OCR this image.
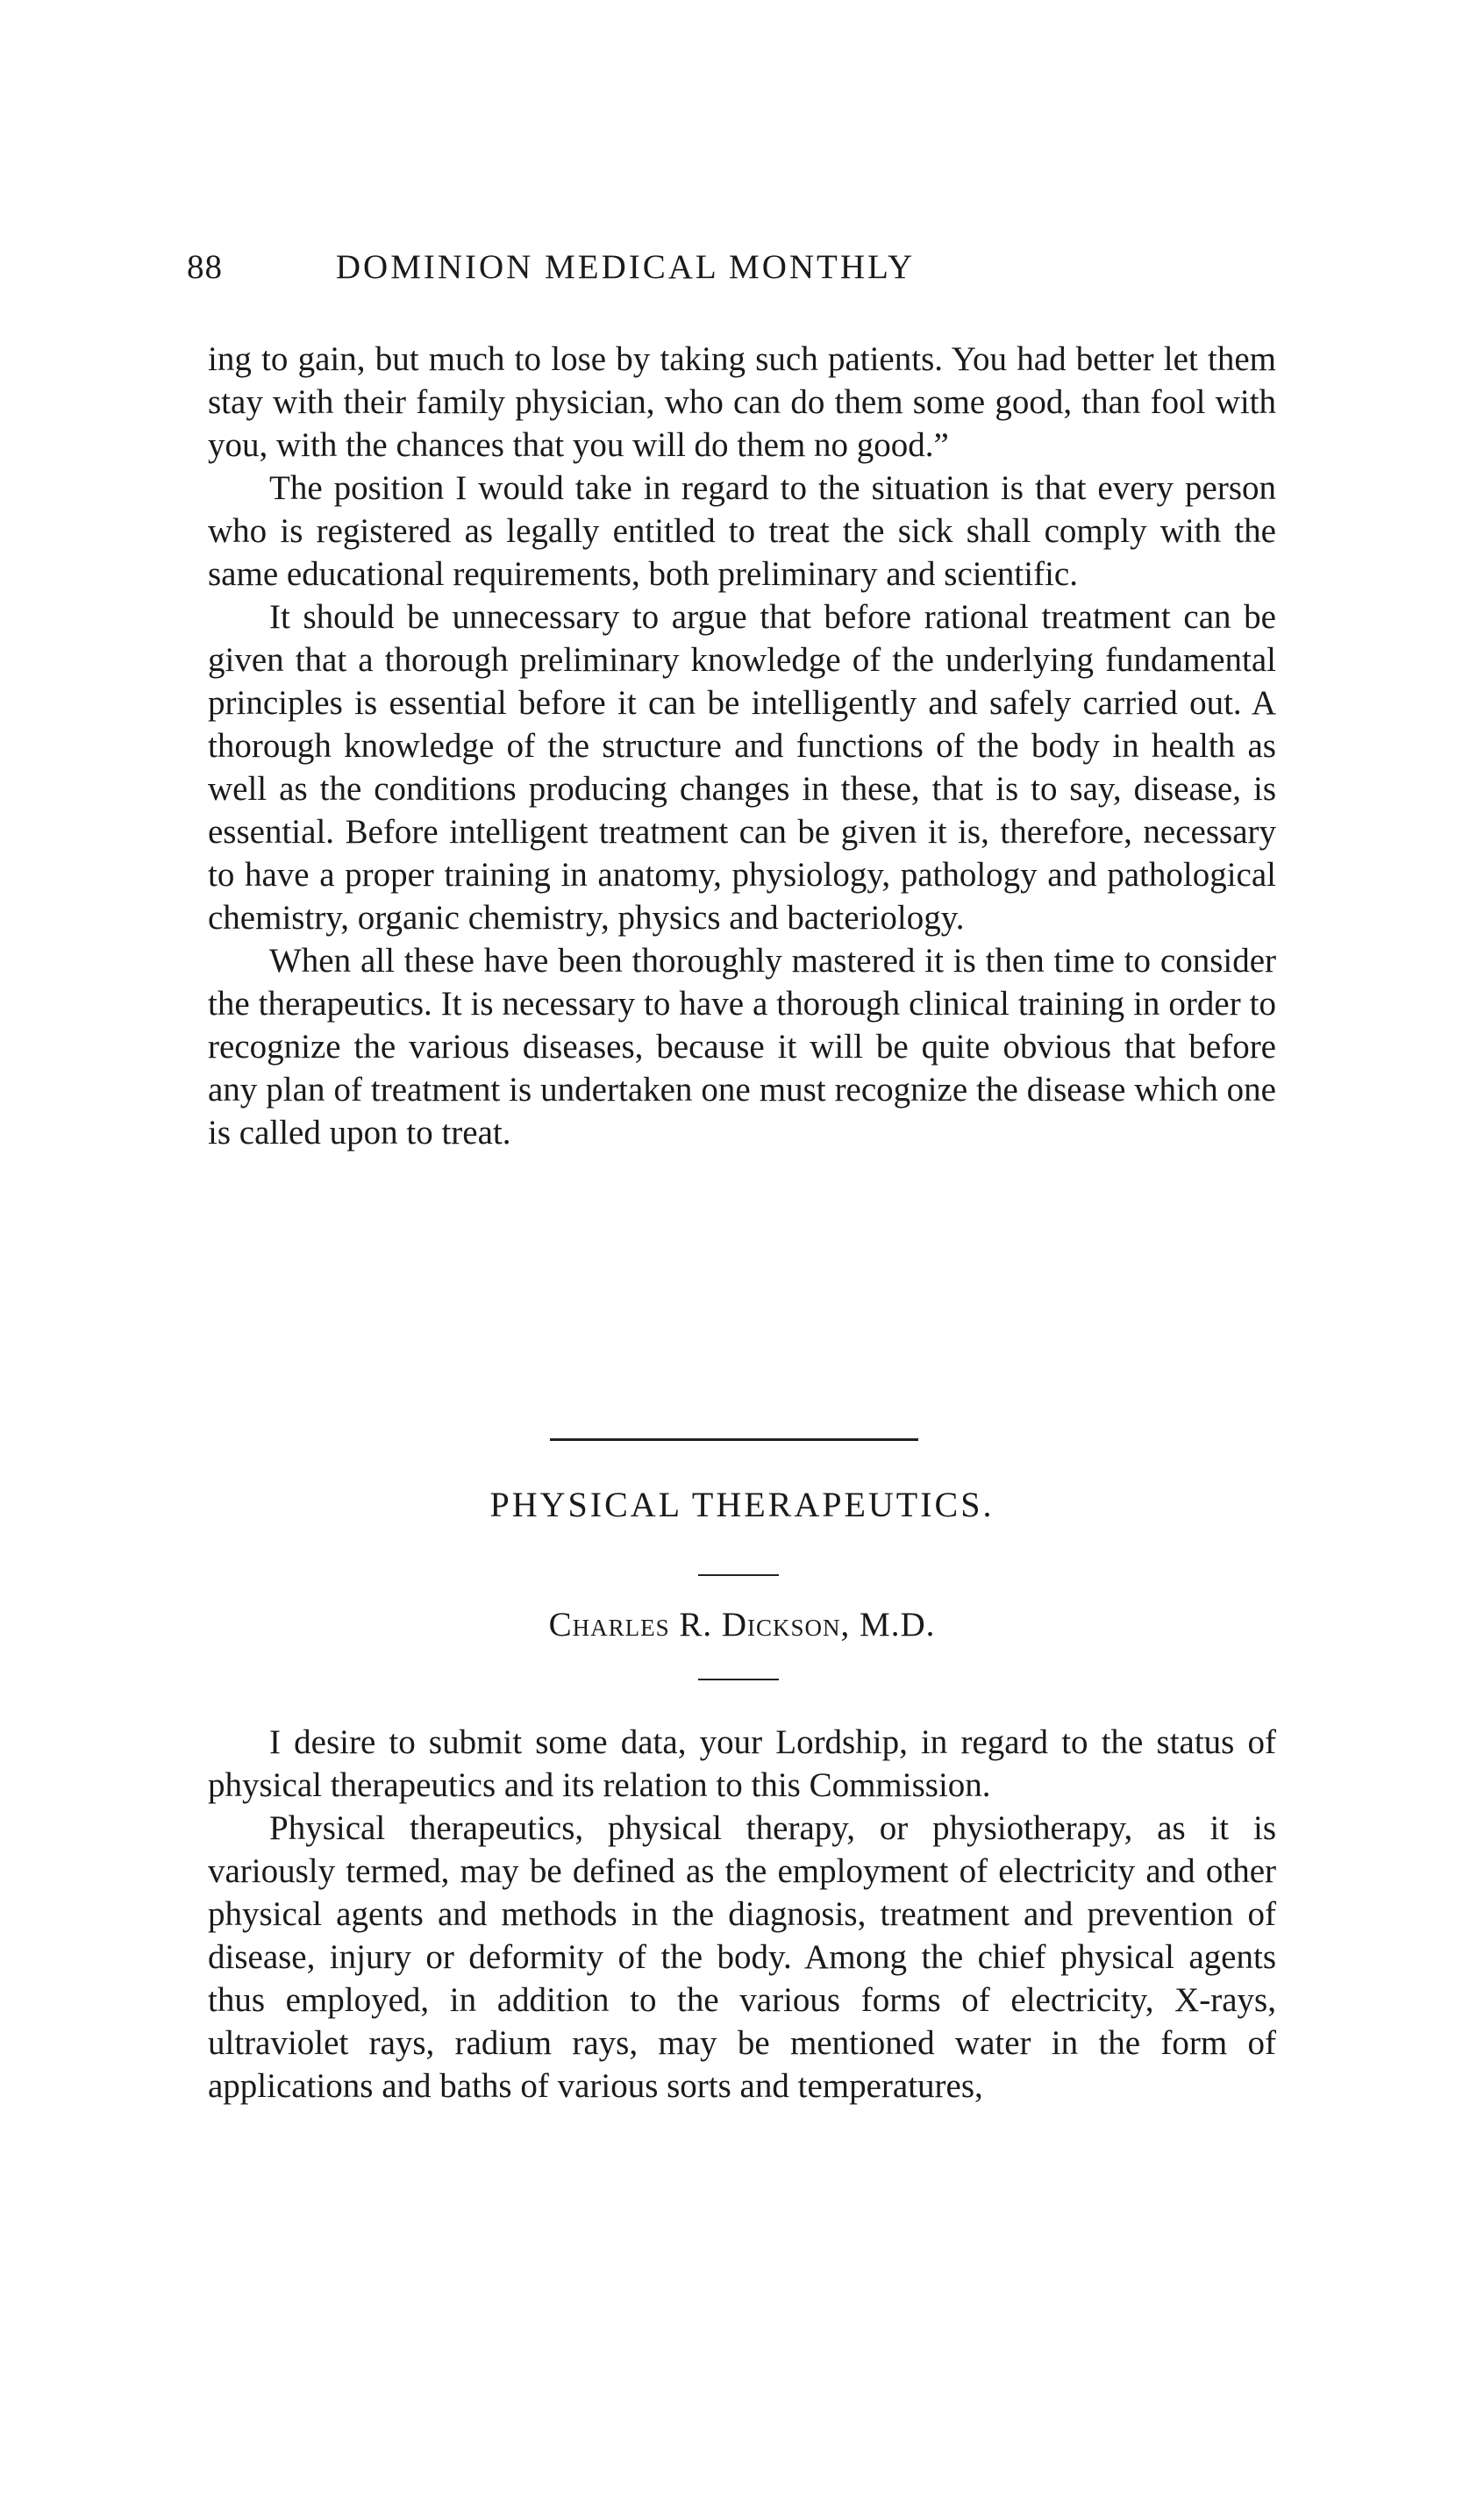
88	DOMINION MEDICAL MONTHLY

ing to gain, but much to lose by taking such patients. You had better let them stay with their family physician, who can do them some good, than fool with you, with the chances that you will do them no good.”

The position I would take in regard to the situation is that every person who is registered as legally entitled to treat the sick shall comply with the same educational requirements, both preliminary and scientific.

It should be unnecessary to argue that before rational treatment can be given that a thorough preliminary knowledge of the underlying fundamental principles is essential before it can be intelligently and safely carried out. A thorough knowledge of the structure and functions of the body in health as well as the conditions producing changes in these, that is to say, disease, is essential. Before intelligent treatment can be given it is, therefore, necessary to have a proper training in anatomy, physiology, pathology and pathological chemistry, organic chemistry, physics and bacteriology.

When all these have been thoroughly mastered it is then time to consider the therapeutics. It is necessary to have a thorough clinical training in order to recognize the various diseases, because it will be quite obvious that before any plan of treatment is undertaken one must recognize the disease which one is called upon to treat.

PHYSICAL THERAPEUTICS.
Charles R. Dickson, M.D.

I desire to submit some data, your Lordship, in regard to the status of physical therapeutics and its relation to this Commission.

Physical therapeutics, physical therapy, or physiotherapy, as it is variously termed, may be defined as the employment of electricity and other physical agents and methods in the diagnosis, treatment and prevention of disease, injury or deformity of the body. Among the chief physical agents thus employed, in addition to the various forms of electricity, X-rays, ultraviolet rays, radium rays, may be mentioned water in the form of applications and baths of various sorts and temperatures,
